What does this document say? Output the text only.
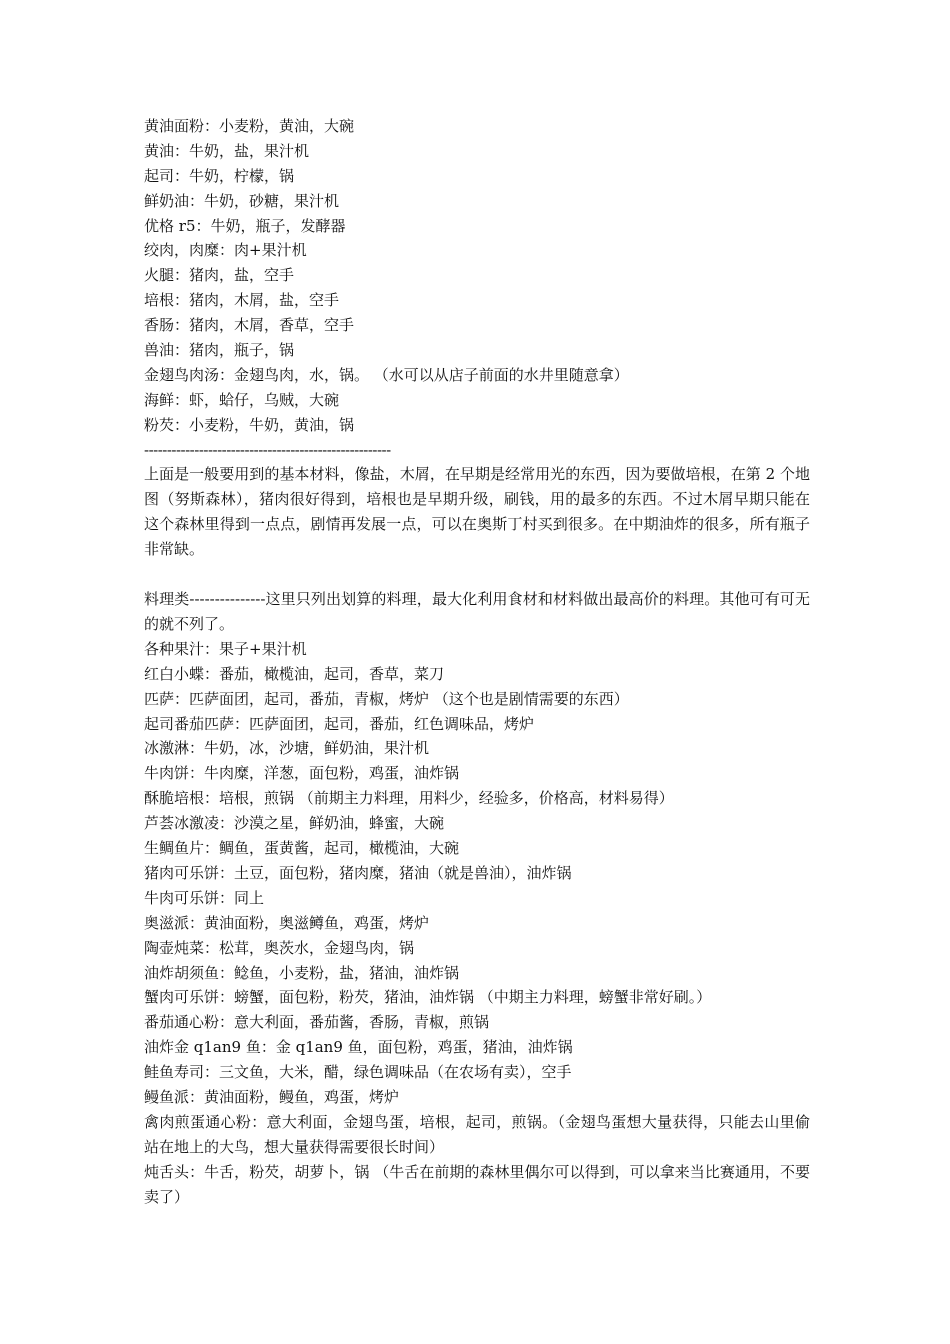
黄油面粉：小麦粉，黄油，大碗
黄油：牛奶，盐，果汁机
起司：牛奶，柠檬，锅
鲜奶油：牛奶，砂糖，果汁机
优格 r5：牛奶，瓶子，发酵器
绞肉，肉糜：肉+果汁机
火腿：猪肉，盐，空手
培根：猪肉，木屑，盐，空手
香肠：猪肉，木屑，香草，空手
兽油：猪肉，瓶子，锅
金翅鸟肉汤：金翅鸟肉，水，锅。 （水可以从店子前面的水井里随意拿）
海鲜：虾，蛤仔，乌贼，大碗
粉芡：小麦粉，牛奶，黄油，锅
------------------------------------------------------
上面是一般要用到的基本材料，像盐，木屑，在早期是经常用光的东西，因为要做培根，在第 2 个地图（努斯森林），猪肉很好得到，培根也是早期升级，刷钱，用的最多的东西。不过木屑早期只能在这个森林里得到一点点，剧情再发展一点，可以在奥斯丁村买到很多。在中期油炸的很多，所有瓶子非常缺。
料理类---------------这里只列出划算的料理，最大化利用食材和材料做出最高价的料理。其他可有可无的就不列了。
各种果汁：果子+果汁机
红白小蝶：番茄，橄榄油，起司，香草，菜刀
匹萨：匹萨面团，起司，番茄，青椒，烤炉 （这个也是剧情需要的东西）
起司番茄匹萨：匹萨面团，起司，番茄，红色调味品，烤炉
冰激淋：牛奶，冰，沙塘，鲜奶油，果汁机
牛肉饼：牛肉糜，洋葱，面包粉，鸡蛋，油炸锅
酥脆培根：培根，煎锅 （前期主力料理，用料少，经验多，价格高，材料易得）
芦荟冰激凌：沙漠之星，鲜奶油，蜂蜜，大碗
生鲷鱼片：鲷鱼，蛋黄酱，起司，橄榄油，大碗
猪肉可乐饼：土豆，面包粉，猪肉糜，猪油（就是兽油），油炸锅
牛肉可乐饼：同上
奥滋派：黄油面粉，奥滋鳟鱼，鸡蛋，烤炉
陶壶炖菜：松茸，奥茨水，金翅鸟肉，锅
油炸胡须鱼：鲶鱼，小麦粉，盐，猪油，油炸锅
蟹肉可乐饼：螃蟹，面包粉，粉芡，猪油，油炸锅 （中期主力料理，螃蟹非常好刷。）
番茄通心粉：意大利面，番茄酱，香肠，青椒，煎锅
油炸金 q1an9 鱼：金 q1an9 鱼，面包粉，鸡蛋，猪油，油炸锅
鲑鱼寿司：三文鱼，大米，醋，绿色调味品（在农场有卖），空手
鳗鱼派：黄油面粉，鳗鱼，鸡蛋，烤炉
禽肉煎蛋通心粉：意大利面，金翅鸟蛋，培根，起司，煎锅。（金翅鸟蛋想大量获得，只能去山里偷站在地上的大鸟，想大量获得需要很长时间）
炖舌头：牛舌，粉芡，胡萝卜，锅 （牛舌在前期的森林里偶尔可以得到，可以拿来当比赛通用，不要卖了）
